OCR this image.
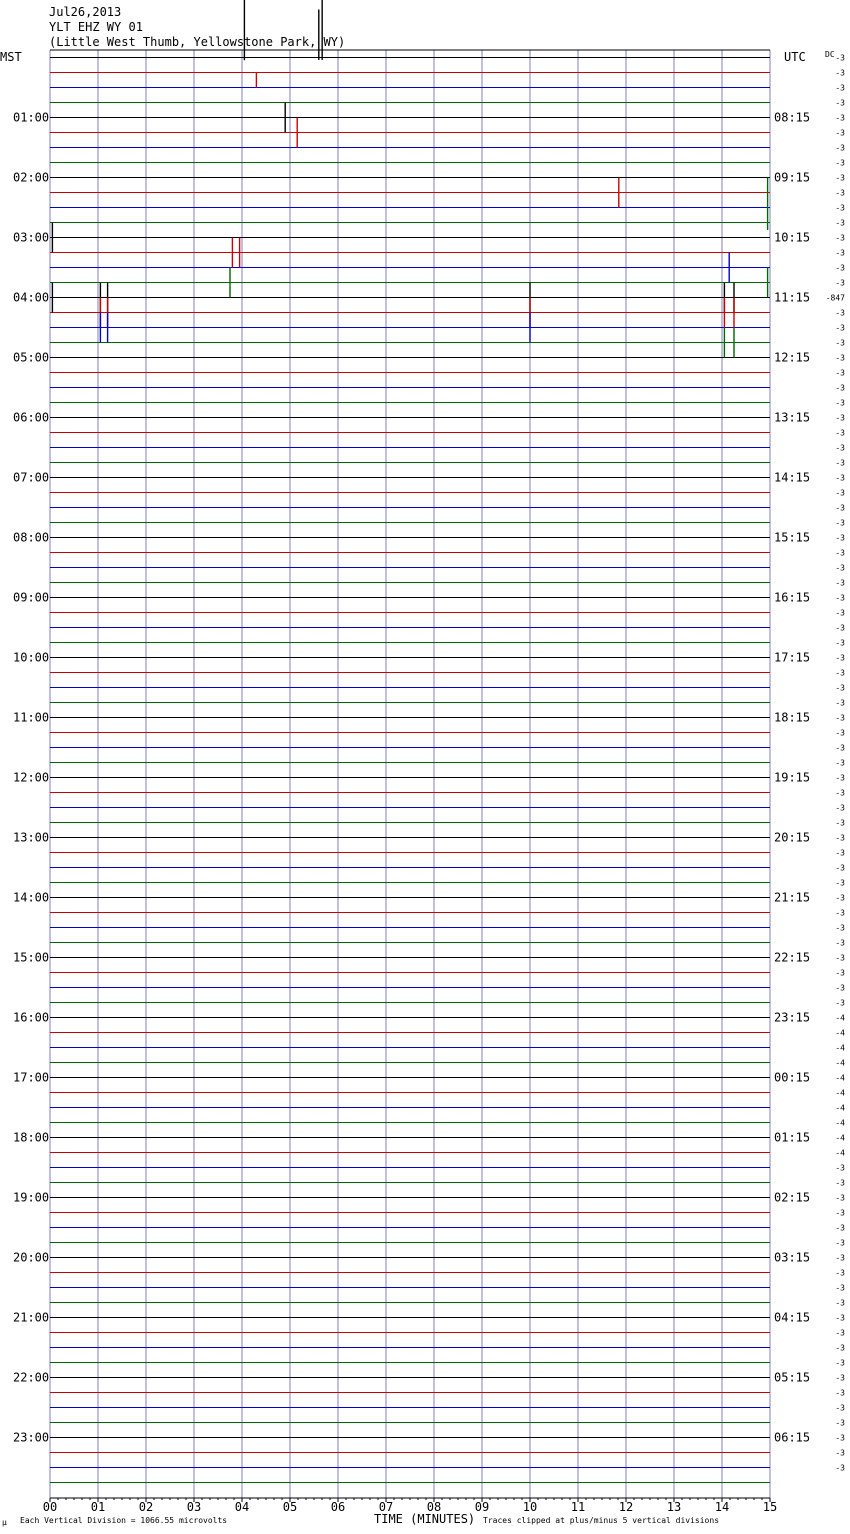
Jul26,2013
YLT EHZ WY 01
(Little West Thumb, Yellowstone Park, WY)
MST	UTC DC
01:00
02:00
03:00
04:00
05:00
06:00
07:00
08:00
09:00
10:00
11:00
12:00
13:00
14:00
15:00
16:00
17:00
18:00
19:00
20:00
21:00
22:00
23:00
08:15
09:15
10:15
11:15
12:15
13:15
14:15
15:15
16:15
17:15
18:15
19:15
20:15
21:15
22:15
23:15
00:15
01:15
02:15
03:15
04:15
05:15
06:15
-3
-3
-3
-3
-3
-3
-3
-3
-3
-3
-3
-3
-3
-3
-3
-3
-847
-3
-3
-3
-3
-3
-3
-3
-3
-3
-3
-3
-3
-3
-3
-3
-3
-3
-3
-3
-3
-3
-3
-3
-3
-3
-3
-3
-3
-3
-3
-3
-3
-3
-3
-3
-3
-3
-3
-3
-3
-3
-3
-3
-3
-3
-3
-3
-4
-4
-4
-4
-4
-4
-4
-4
-4
-4
-3
-3
-3
-3
-3
-3
-3
-3
-3
-3
-3
-3
-3
-3
-3
-3
-3
-3
-3
-3
-3
00	01	02	03	04	05	06	07	08	09	10	11	12	13	14	15
μ Each Vertical Division = 1066.55 microvolts	TIME (MINUTES) Traces clipped at plus/minus 5 vertical divisions
